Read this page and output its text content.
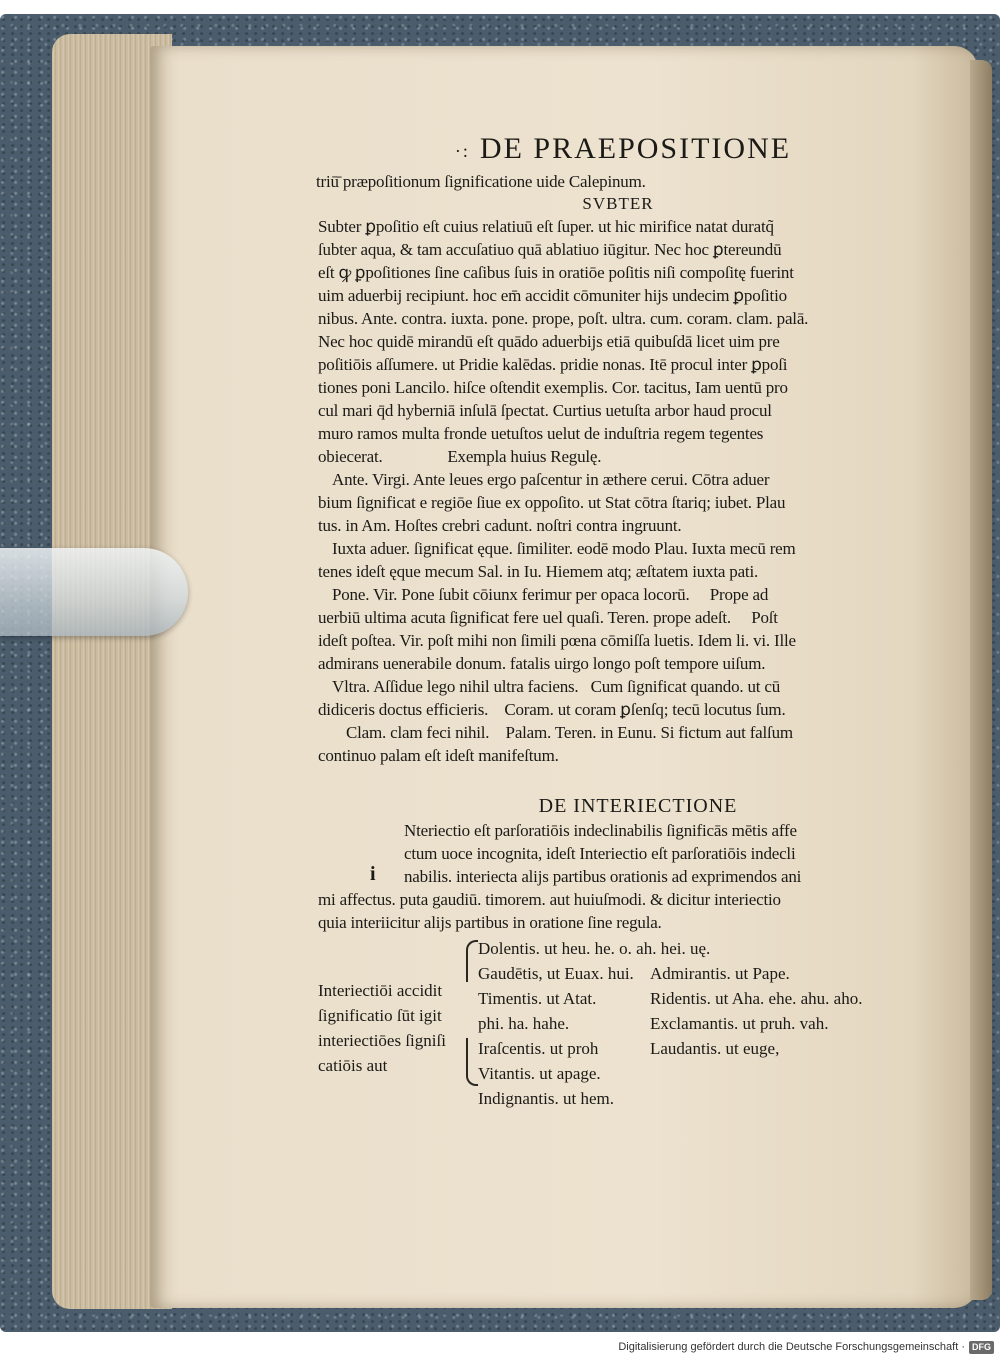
·: DE PRAEPOSITIONE
triū̄ præpoſitionum ſignificatione uide Calepinum.
SVBTER
Subter ꝑpoſitio eſt cuius relatiuū eſt ſuper. ut hic mirifice natat duratq̃
ſubter aqua, & tam accuſatiuo quā ablatiuo iūgitur. Nec hoc ꝑtereundū
eſt ꝙ ꝑpoſitiones ſine caſibus ſuis in oratiōe poſitis niſi compoſitę fuerint
uim aduerbij recipiunt. hoc em̄ accidit cōmuniter hijs undecim ꝑpoſitio
nibus. Ante. contra. iuxta. pone. prope, poſt. ultra. cum. coram. clam. palā.
Nec hoc quidē mirandū eſt quādo aduerbijs etiā quibuſdā licet uim pre
poſitiōis aſſumere. ut Pridie kalēdas. pridie nonas. Itē procul inter ꝑpoſi
tiones poni Lancilo. hiſce oſtendit exemplis. Cor. tacitus, Iam uentū pro
cul mari q̄d hyberniā inſulā ſpectat. Curtius uetuſta arbor haud procul
muro ramos multa fronde uetuſtos uelut de induſtria regem tegentes
obiecerat.                Exempla huius Regulę.
Ante. Virgi. Ante leues ergo paſcentur in æthere cerui. Cōtra aduer
bium ſignificat e regiōe ſiue ex oppoſito. ut Stat cōtra ſtariq; iubet. Plau
tus. in Am. Hoſtes crebri cadunt. noſtri contra ingruunt.
Iuxta aduer. ſignificat ęque. ſimiliter. eodē modo Plau. Iuxta mecū rem
tenes ideſt ęque mecum Sal. in Iu. Hiemem atq; æſtatem iuxta pati.
Pone. Vir. Pone ſubit cōiunx ferimur per opaca locorū.     Prope ad
uerbiū ultima acuta ſignificat fere uel quaſi. Teren. prope adeſt.     Poſt
ideſt poſtea. Vir. poſt mihi non ſimili pœna cōmiſſa luetis. Idem li. vi. Ille
admirans uenerabile donum. fatalis uirgo longo poſt tempore uiſum.
Vltra. Aſſidue lego nihil ultra faciens.   Cum ſignificat quando. ut cū
didiceris doctus efficieris.    Coram. ut coram ꝑſenſq; tecū locutus ſum.
Clam. clam feci nihil.    Palam. Teren. in Eunu. Si fictum aut falſum
continuo palam eſt ideſt manifeſtum.
DE INTERIECTIONE
i
Nteriectio eſt parſoratiōis indeclinabilis ſignificās mētis affe
ctum uoce incognita, ideſt Interiectio eſt parſoratiōis indecli
nabilis. interiecta alijs partibus orationis ad exprimendos ani
mi affectus. puta gaudiū. timorem. aut huiuſmodi. & dicitur interiectio
quia interiicitur alijs partibus in oratione ſine regula.
Interiectiōi accidit
ſignificatio ſūt igit
interiectiōes ſigniſi
catiōis aut
Dolentis. ut heu. he. o. ah. hei. uę.
Gaudētis, ut Euax. hui.
Timentis. ut Atat.
phi. ha. hahe.
Iraſcentis. ut proh
Vitantis. ut apage.
Indignantis. ut hem.
Admirantis. ut Pape.
Ridentis. ut Aha. ehe. ahu. aho.
Exclamantis. ut pruh. vah.
Laudantis. ut euge,
Digitalisierung gefördert durch die Deutsche Forschungsgemeinschaft · DFG
